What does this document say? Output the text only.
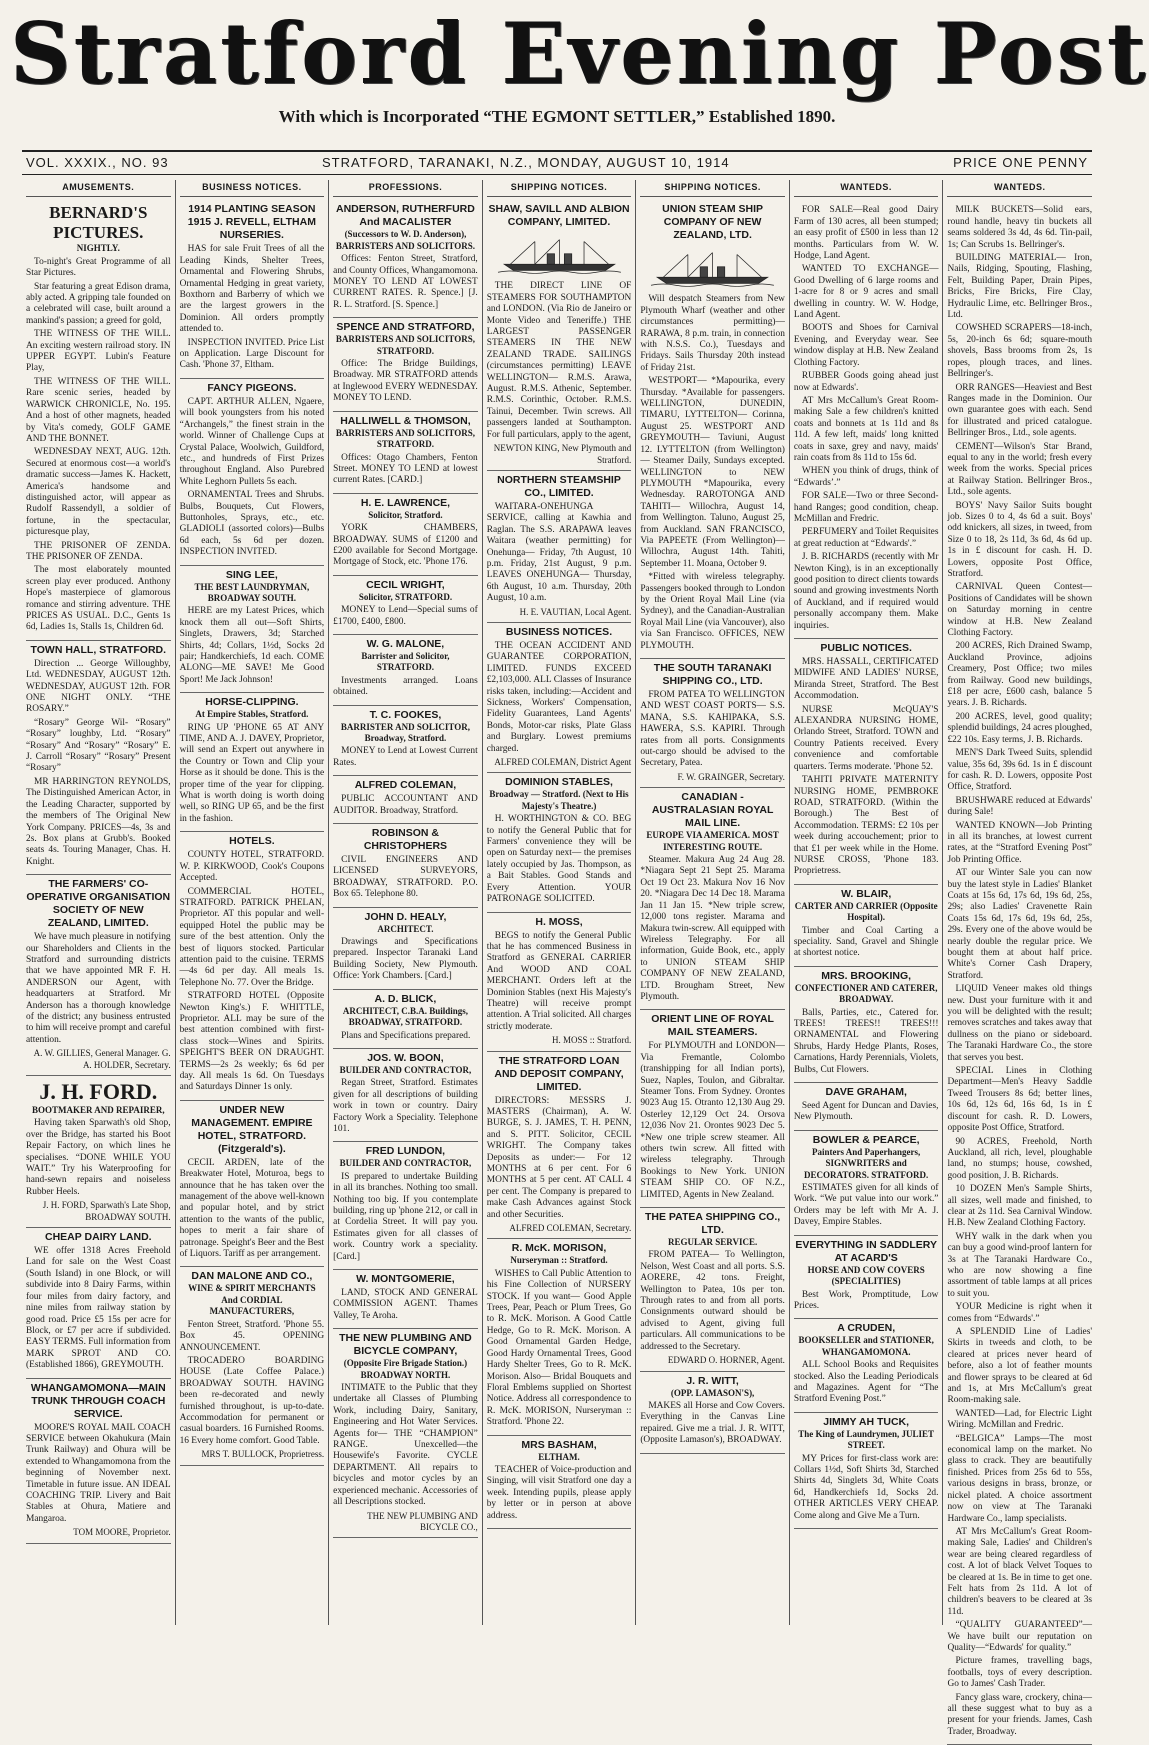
Stratford Evening Post
With which is Incorporated “THE EGMONT SETTLER,” Established 1890.
VOL. XXXIX., NO. 93	STRATFORD, TARANAKI, N.Z., MONDAY, AUGUST 10, 1914	PRICE ONE PENNY
AMUSEMENTS.
BERNARD'S PICTURES.
NIGHTLY.

To-night's Great Programme of all Star Pictures.

Star featuring a great Edison drama, ably acted. A gripping tale founded on a celebrated will case, built around a mankind's passion; a greed for gold,

THE WITNESS OF THE WILL. An exciting western railroad story. IN UPPER EGYPT. Lubin's Feature Play,

THE WITNESS OF THE WILL. Rare scenic series, headed by WARWICK CHRONICLE, No. 195. And a host of other magnets, headed by Vita's comedy, GOLF GAME AND THE BONNET.

WEDNESDAY NEXT, AUG. 12th. Secured at enormous cost—a world's dramatic success—James K. Hackett, America's handsome and distinguished actor, will appear as Rudolf Rassendyll, a soldier of fortune, in the spectacular, picturesque play,

THE PRISONER OF ZENDA. THE PRISONER OF ZENDA.

The most elaborately mounted screen play ever produced. Anthony Hope's masterpiece of glamorous romance and stirring adventure. THE PRICES AS USUAL. D.C., Gents 1s 6d, Ladies 1s, Stalls 1s, Children 6d.

TOWN HALL, STRATFORD.

Direction ... George Willoughby, Ltd. WEDNESDAY, AUGUST 12th. WEDNESDAY, AUGUST 12th. FOR ONE NIGHT ONLY. “THE ROSARY.”

“Rosary” George Wil- “Rosary” “Rosary” loughby, Ltd. “Rosary” “Rosary” And “Rosary” “Rosary” E. J. Carroll “Rosary” “Rosary” Present “Rosary”

MR HARRINGTON REYNOLDS, The Distinguished American Actor, in the Leading Character, supported by the members of The Original New York Company. PRICES—4s, 3s and 2s. Box plans at Grubb's. Booked seats 4s. Touring Manager, Chas. H. Knight.

THE FARMERS' CO-OPERATIVE ORGANISATION SOCIETY OF NEW ZEALAND, LIMITED.

We have much pleasure in notifying our Shareholders and Clients in the Stratford and surrounding districts that we have appointed MR F. H. ANDERSON our Agent, with headquarters at Stratford. Mr Anderson has a thorough knowledge of the district; any business entrusted to him will receive prompt and careful attention.

A. W. GILLIES, General Manager. G. A. HOLDER, Secretary.
J. H. FORD.
BOOTMAKER AND REPAIRER,

Having taken Sparwath's old Shop, over the Bridge, has started his Boot Repair Factory, on which lines he specialises. “DONE WHILE YOU WAIT.” Try his Waterproofing for hand-sewn repairs and noiseless Rubber Heels.

J. H. FORD, Sparwath's Late Shop, BROADWAY SOUTH.
CHEAP DAIRY LAND.

WE offer 1318 Acres Freehold Land for sale on the West Coast (South Island) in one Block, or will subdivide into 8 Dairy Farms, within four miles from dairy factory, and nine miles from railway station by good road. Price £5 15s per acre for Block, or £7 per acre if subdivided. EASY TERMS. Full information from MARK SPROT AND CO. (Established 1866), GREYMOUTH.

WHANGAMOMONA—MAIN TRUNK THROUGH COACH SERVICE.

MOORE'S ROYAL MAIL COACH SERVICE between Okahukura (Main Trunk Railway) and Ohura will be extended to Whangamomona from the beginning of November next. Timetable in future issue. AN IDEAL COACHING TRIP. Livery and Bait Stables at Ohura, Matiere and Mangaroa.

TOM MOORE, Proprietor.
BUSINESS NOTICES.
1914 PLANTING SEASON 1915 J. REVELL, ELTHAM NURSERIES.

HAS for sale Fruit Trees of all the Leading Kinds, Shelter Trees, Ornamental and Flowering Shrubs, Ornamental Hedging in great variety, Boxthorn and Barberry of which we are the largest growers in the Dominion. All orders promptly attended to.

INSPECTION INVITED. Price List on Application. Large Discount for Cash. 'Phone 37, Eltham.

FANCY PIGEONS.

CAPT. ARTHUR ALLEN, Ngaere, will book youngsters from his noted “Archangels,” the finest strain in the world. Winner of Challenge Cups at Crystal Palace, Woolwich, Guildford, etc., and hundreds of First Prizes throughout England. Also Purebred White Leghorn Pullets 5s each.

ORNAMENTAL Trees and Shrubs. Bulbs, Bouquets, Cut Flowers, Buttonholes, Sprays, etc., etc. GLADIOLI (assorted colors)—Bulbs 6d each, 5s 6d per dozen. INSPECTION INVITED.

SING LEE,
THE BEST LAUNDRYMAN, BROADWAY SOUTH.

HERE are my Latest Prices, which knock them all out—Soft Shirts, Singlets, Drawers, 3d; Starched Shirts, 4d; Collars, 1½d, Socks 2d pair; Handkerchiefs, 1d each. COME ALONG—ME SAVE! Me Good Sport! Me Jack Johnson!

HORSE-CLIPPING.
At Empire Stables, Stratford.

RING UP 'PHONE 65 AT ANY TIME, AND A. J. DAVEY, Proprietor, will send an Expert out anywhere in the Country or Town and Clip your Horse as it should be done. This is the proper time of the year for clipping. What is worth doing is worth doing well, so RING UP 65, and be the first in the fashion.

HOTELS.

COUNTY HOTEL, STRATFORD. W. P. KIRKWOOD, Cook's Coupons Accepted.

COMMERCIAL HOTEL, STRATFORD. PATRICK PHELAN, Proprietor. AT this popular and well-equipped Hotel the public may be sure of the best attention. Only the best of liquors stocked. Particular attention paid to the cuisine. TERMS—4s 6d per day. All meals 1s. Telephone No. 77. Over the Bridge.

STRATFORD HOTEL (Opposite Newton King's.) F. WHITTLE, Proprietor. ALL may be sure of the best attention combined with first-class stock—Wines and Spirits. SPEIGHT'S BEER ON DRAUGHT. TERMS—2s 2s weekly; 6s 6d per day. All meals 1s 6d. On Tuesdays and Saturdays Dinner 1s only.

UNDER NEW MANAGEMENT. EMPIRE HOTEL, STRATFORD. (Fitzgerald's).

CECIL ARDEN, late of the Breakwater Hotel, Moturoa, begs to announce that he has taken over the management of the above well-known and popular hotel, and by strict attention to the wants of the public, hopes to merit a fair share of patronage. Speight's Beer and the Best of Liquors. Tariff as per arrangement.

DAN MALONE AND CO.,
WINE & SPIRIT MERCHANTS And CORDIAL MANUFACTURERS,

Fenton Street, Stratford. 'Phone 55. Box 45. OPENING ANNOUNCEMENT.

TROCADERO BOARDING HOUSE (Late Coffee Palace.) BROADWAY SOUTH. HAVING been re-decorated and newly furnished throughout, is up-to-date. Accommodation for permanent or casual boarders. 16 Furnished Rooms. 16 Every home comfort. Good Table.

MRS T. BULLOCK, Proprietress.
PROFESSIONS.
ANDERSON, RUTHERFURD And MACALISTER
(Successors to W. D. Anderson), BARRISTERS AND SOLICITORS.

Offices: Fenton Street, Stratford, and County Offices, Whangamomona. MONEY TO LEND AT LOWEST CURRENT RATES. R. Spence.] [J. R. L. Stratford. [S. Spence.]

SPENCE AND STRATFORD,
BARRISTERS AND SOLICITORS, STRATFORD.

Office: The Bridge Buildings, Broadway. MR STRATFORD attends at Inglewood EVERY WEDNESDAY. MONEY TO LEND.

HALLIWELL & THOMSON,
BARRISTERS AND SOLICITORS, STRATFORD.

Offices: Otago Chambers, Fenton Street. MONEY TO LEND at lowest current Rates. [CARD.]

H. E. LAWRENCE,
Solicitor, Stratford.

YORK CHAMBERS, BROADWAY. SUMS of £1200 and £200 available for Second Mortgage. Mortgage of Stock, etc. 'Phone 176.

CECIL WRIGHT,
Solicitor, STRATFORD.

MONEY to Lend—Special sums of £1700, £400, £800.

W. G. MALONE,
Barrister and Solicitor, STRATFORD.

Investments arranged. Loans obtained.

T. C. FOOKES,
BARRISTER AND SOLICITOR, Broadway, Stratford.

MONEY to Lend at Lowest Current Rates.

ALFRED COLEMAN,

PUBLIC ACCOUNTANT AND AUDITOR. Broadway, Stratford.

ROBINSON & CHRISTOPHERS

CIVIL ENGINEERS AND LICENSED SURVEYORS, BROADWAY, STRATFORD. P.O. Box 65. Telephone 80.

JOHN D. HEALY,
ARCHITECT.

Drawings and Specifications prepared. Inspector Taranaki Land Building Society, New Plymouth. Office: York Chambers. [Card.]

A. D. BLICK,
ARCHITECT, C.B.A. Buildings, BROADWAY, STRATFORD.

Plans and Specifications prepared.

JOS. W. BOON,
BUILDER AND CONTRACTOR,

Regan Street, Stratford. Estimates given for all descriptions of building work in town or country. Dairy Factory Work a Speciality. Telephone 101.

FRED LUNDON,
BUILDER AND CONTRACTOR,

IS prepared to undertake Building in all its branches. Nothing too small. Nothing too big. If you contemplate building, ring up 'phone 212, or call in at Cordelia Street. It will pay you. Estimates given for all classes of work. Country work a speciality. [Card.]

W. MONTGOMERIE,

LAND, STOCK AND GENERAL COMMISSION AGENT. Thames Valley, Te Aroha.

THE NEW PLUMBING AND BICYCLE COMPANY,
(Opposite Fire Brigade Station.) BROADWAY NORTH.

INTIMATE to the Public that they undertake all Classes of Plumbing Work, including Dairy, Sanitary, Engineering and Hot Water Services. Agents for— THE “CHAMPION” RANGE. Unexcelled—the Housewife's Favorite. CYCLE DEPARTMENT. All repairs to bicycles and motor cycles by an experienced mechanic. Accessories of all Descriptions stocked.

THE NEW PLUMBING AND BICYCLE CO.,
SHIPPING NOTICES.
SHAW, SAVILL AND ALBION COMPANY, LIMITED.

THE DIRECT LINE OF STEAMERS FOR SOUTHAMPTON and LONDON. (Via Rio de Janeiro or Monte Video and Teneriffe.) THE LARGEST PASSENGER STEAMERS IN THE NEW ZEALAND TRADE. SAILINGS (circumstances permitting) LEAVE WELLINGTON— R.M.S. Arawa, August. R.M.S. Athenic, September. R.M.S. Corinthic, October. R.M.S. Tainui, December. Twin screws. All passengers landed at Southampton. For full particulars, apply to the agent,

NEWTON KING, New Plymouth and Stratford.
NORTHERN STEAMSHIP CO., LIMITED.

WAITARA-ONEHUNGA SERVICE, calling at Kawhia and Raglan. The S.S. ARAPAWA leaves Waitara (weather permitting) for Onehunga— Friday, 7th August, 10 p.m. Friday, 21st August, 9 p.m. LEAVES ONEHUNGA— Thursday, 6th August, 10 a.m. Thursday, 20th August, 10 a.m.

H. E. VAUTIAN, Local Agent.
BUSINESS NOTICES.

THE OCEAN ACCIDENT AND GUARANTEE CORPORATION, LIMITED. FUNDS EXCEED £2,103,000. ALL Classes of Insurance risks taken, including:—Accident and Sickness, Workers' Compensation, Fidelity Guarantees, Land Agents' Bonds, Motor-car risks, Plate Glass and Burglary. Lowest premiums charged.

ALFRED COLEMAN, District Agent
DOMINION STABLES,
Broadway — Stratford. (Next to His Majesty's Theatre.)

H. WORTHINGTON & CO. BEG to notify the General Public that for Farmers' convenience they will be open on Saturday next— the premises lately occupied by Jas. Thompson, as a Bait Stables. Good Stands and Every Attention. YOUR PATRONAGE SOLICITED.

H. MOSS,

BEGS to notify the General Public that he has commenced Business in Stratford as GENERAL CARRIER And WOOD AND COAL MERCHANT. Orders left at the Dominion Stables (next His Majesty's Theatre) will receive prompt attention. A Trial solicited. All charges strictly moderate.

H. MOSS :: Stratford.
THE STRATFORD LOAN AND DEPOSIT COMPANY, LIMITED.

DIRECTORS: MESSRS J. MASTERS (Chairman), A. W. BURGE, S. J. JAMES, T. H. PENN, and S. PITT. Solicitor, CECIL WRIGHT. The Company takes Deposits as under:— For 12 MONTHS at 6 per cent. For 6 MONTHS at 5 per cent. AT CALL 4 per cent. The Company is prepared to make Cash Advances against Stock and other Securities.

ALFRED COLEMAN, Secretary.
R. McK. MORISON,
Nurseryman :: Stratford.

WISHES to Call Public Attention to his Fine Collection of NURSERY STOCK. If you want— Good Apple Trees, Pear, Peach or Plum Trees, Go to R. McK. Morison. A Good Cattle Hedge, Go to R. McK. Morison. A Good Ornamental Garden Hedge, Good Hardy Ornamental Trees, Good Hardy Shelter Trees, Go to R. McK. Morison. Also— Bridal Bouquets and Floral Emblems supplied on Shortest Notice. Address all correspondence to R. McK. MORISON, Nurseryman :: Stratford. 'Phone 22.

MRS BASHAM,
ELTHAM.

TEACHER of Voice-production and Singing, will visit Stratford one day a week. Intending pupils, please apply by letter or in person at above address.

SHIPPING NOTICES.
UNION STEAM SHIP COMPANY OF NEW ZEALAND, LTD.

Will despatch Steamers from New Plymouth Wharf (weather and other circumstances permitting)— RARAWA, 8 p.m. train, in connection with N.S.S. Co.), Tuesdays and Fridays. Sails Thursday 20th instead of Friday 21st.

WESTPORT— *Mapourika, every Thursday. *Available for passengers. WELLINGTON, DUNEDIN, TIMARU, LYTTELTON— Corinna, August 25. WESTPORT AND GREYMOUTH— Taviuni, August 12. LYTTELTON (from Wellington)— Steamer Daily, Sundays excepted. WELLINGTON to NEW PLYMOUTH *Mapourika, every Wednesday. RAROTONGA AND TAHITI— Willochra, August 14, from Wellington. Taluno, August 25, from Auckland. SAN FRANCISCO, Via PAPEETE (From Wellington)— Willochra, August 14th. Tahiti, September 11. Moana, October 9.

*Fitted with wireless telegraphy. Passengers booked through to London by the Orient Royal Mail Line (via Sydney), and the Canadian-Australian Royal Mail Line (via Vancouver), also via San Francisco. OFFICES, NEW PLYMOUTH.

THE SOUTH TARANAKI SHIPPING CO., LTD.

FROM PATEA TO WELLINGTON AND WEST COAST PORTS— S.S. MANA, S.S. KAHIPAKA, S.S. HAWERA, S.S. KAPIRI. Through rates from all ports. Consignments out-cargo should be advised to the Secretary, Patea.

F. W. GRAINGER, Secretary.
CANADIAN - AUSTRALASIAN ROYAL MAIL LINE.
EUROPE VIA AMERICA. MOST INTERESTING ROUTE.

Steamer. Makura Aug 24 Aug 28. *Niagara Sept 21 Sept 25. Marama Oct 19 Oct 23. Makura Nov 16 Nov 20. *Niagara Dec 14 Dec 18. Marama Jan 11 Jan 15. *New triple screw, 12,000 tons register. Marama and Makura twin-screw. All equipped with Wireless Telegraphy. For all information, Guide Book, etc., apply to UNION STEAM SHIP COMPANY OF NEW ZEALAND, LTD. Brougham Street, New Plymouth.

ORIENT LINE OF ROYAL MAIL STEAMERS.

For PLYMOUTH and LONDON— Via Fremantle, Colombo (transhipping for all Indian ports), Suez, Naples, Toulon, and Gibraltar. Steamer Tons. From Sydney. Orontes 9023 Aug 15. Otranto 12,130 Aug 29. Osterley 12,129 Oct 24. Orsova 12,036 Nov 21. Orontes 9023 Dec 5. *New one triple screw steamer. All others twin screw. All fitted with wireless telegraphy. Through Bookings to New York. UNION STEAM SHIP CO. OF N.Z., LIMITED, Agents in New Zealand.

THE PATEA SHIPPING CO., LTD.
REGULAR SERVICE.

FROM PATEA— To Wellington, Nelson, West Coast and all ports. S.S. AORERE, 42 tons. Freight, Wellington to Patea, 10s per ton. Through rates to and from all ports. Consignments outward should be advised to Agent, giving full particulars. All communications to be addressed to the Secretary.

EDWARD O. HORNER, Agent.
J. R. WITT,
(OPP. LAMASON'S),

MAKES all Horse and Cow Covers. Everything in the Canvas Line repaired. Give me a trial. J. R. WITT, (Opposite Lamason's), BROADWAY.

WANTEDS.

FOR SALE—Real good Dairy Farm of 130 acres, all been stumped; an easy profit of £500 in less than 12 months. Particulars from W. W. Hodge, Land Agent.

WANTED TO EXCHANGE—Good Dwelling of 6 large rooms and 1-acre for 8 or 9 acres and small dwelling in country. W. W. Hodge, Land Agent.

BOOTS and Shoes for Carnival Evening, and Everyday wear. See window display at H.B. New Zealand Clothing Factory.

RUBBER Goods going ahead just now at Edwards'.

AT Mrs McCallum's Great Room-making Sale a few children's knitted coats and bonnets at 1s 11d and 8s 11d. A few left, maids' long knitted coats in saxe, grey and navy, maids' rain coats from 8s 11d to 15s 6d.

WHEN you think of drugs, think of “Edwards’.”

FOR SALE—Two or three Second-hand Ranges; good condition, cheap. McMillan and Fredric.

PERFUMERY and Toilet Requisites at great reduction at “Edwards'.”

J. B. RICHARDS (recently with Mr Newton King), is in an exceptionally good position to direct clients towards sound and growing investments North of Auckland, and if required would personally accompany them. Make inquiries.

PUBLIC NOTICES.

MRS. HASSALL, CERTIFICATED MIDWIFE AND LADIES' NURSE, Miranda Street, Stratford. The Best Accommodation.

NURSE McQUAY'S ALEXANDRA NURSING HOME, Orlando Street, Stratford. TOWN and Country Patients received. Every convenience and comfortable quarters. Terms moderate. 'Phone 52.

TAHITI PRIVATE MATERNITY NURSING HOME, PEMBROKE ROAD, STRATFORD. (Within the Borough.) The Best of Accommodation. TERMS: £2 10s per week during accouchement; prior to that £1 per week while in the Home. NURSE CROSS, 'Phone 183. Proprietress.

W. BLAIR,
CARTER AND CARRIER (Opposite Hospital).

Timber and Coal Carting a speciality. Sand, Gravel and Shingle at shortest notice.

MRS. BROOKING,
CONFECTIONER AND CATERER, BROADWAY.

Balls, Parties, etc., Catered for. TREES! TREES!! TREES!!! ORNAMENTAL and Flowering Shrubs, Hardy Hedge Plants, Roses, Carnations, Hardy Perennials, Violets, Bulbs, Cut Flowers.

DAVE GRAHAM,

Seed Agent for Duncan and Davies, New Plymouth.

BOWLER & PEARCE,
Painters And Paperhangers, SIGNWRITERS and DECORATORS. STRATFORD.

ESTIMATES given for all kinds of Work. “We put value into our work.” Orders may be left with Mr A. J. Davey, Empire Stables.

EVERYTHING IN SADDLERY AT ACARD'S
HORSE AND COW COVERS (SPECIALITIES)

Best Work, Promptitude, Low Prices.

A CRUDEN,
BOOKSELLER and STATIONER, WHANGAMOMONA.

ALL School Books and Requisites stocked. Also the Leading Periodicals and Magazines. Agent for “The Stratford Evening Post.”

JIMMY AH TUCK,
The King of Laundrymen, JULIET STREET.

MY Prices for first-class work are: Collars 1½d, Soft Shirts 3d, Starched Shirts 4d, Singlets 3d, White Coats 6d, Handkerchiefs 1d, Socks 2d. OTHER ARTICLES VERY CHEAP. Come along and Give Me a Turn.

WANTEDS.

MILK BUCKETS—Solid ears, round handle, heavy tin buckets all seams soldered 3s 4d, 4s 6d. Tin-pail, 1s; Can Scrubs 1s. Bellringer's.

BUILDING MATERIAL— Iron, Nails, Ridging, Spouting, Flashing, Felt, Building Paper, Drain Pipes, Bricks, Fire Bricks, Fire Clay, Hydraulic Lime, etc. Bellringer Bros., Ltd.

COWSHED SCRAPERS—18-inch, 5s, 20-inch 6s 6d; square-mouth shovels, Bass brooms from 2s, 1s ropes, plough traces, and lines. Bellringer's.

ORR RANGES—Heaviest and Best Ranges made in the Dominion. Our own guarantee goes with each. Send for illustrated and priced catalogue. Bellringer Bros., Ltd., sole agents.

CEMENT—Wilson's Star Brand, equal to any in the world; fresh every week from the works. Special prices at Railway Station. Bellringer Bros., Ltd., sole agents.

BOYS' Navy Sailor Suits bought job. Sizes 0 to 4, 4s 6d a suit. Boys' odd knickers, all sizes, in tweed, from Size 0 to 18, 2s 11d, 3s 6d, 4s 6d up. 1s in £ discount for cash. H. D. Lowers, opposite Post Office, Stratford.

CARNIVAL Queen Contest—Positions of Candidates will be shown on Saturday morning in centre window at H.B. New Zealand Clothing Factory.

200 ACRES, Rich Drained Swamp, Auckland Province, adjoins Creamery, Post Office; two miles from Railway. Good new buildings, £18 per acre, £600 cash, balance 5 years. J. B. Richards.

200 ACRES, level, good quality; splendid buildings, 24 acres ploughed, £22 10s. Easy terms, J. B. Richards.

MEN'S Dark Tweed Suits, splendid value, 35s 6d, 39s 6d. 1s in £ discount for cash. R. D. Lowers, opposite Post Office, Stratford.

BRUSHWARE reduced at Edwards' during Sale!

WANTED KNOWN—Job Printing in all its branches, at lowest current rates, at the “Stratford Evening Post” Job Printing Office.

AT our Winter Sale you can now buy the latest style in Ladies' Blanket Coats at 15s 6d, 17s 6d, 19s 6d, 25s, 29s; also Ladies' Cravenette Rain Coats 15s 6d, 17s 6d, 19s 6d, 25s, 29s. Every one of the above would be nearly double the regular price. We bought them at about half price. White's Corner Cash Drapery, Stratford.

LIQUID Veneer makes old things new. Dust your furniture with it and you will be delighted with the result; removes scratches and takes away that dullness on the piano or sideboard. The Taranaki Hardware Co., the store that serves you best.

SPECIAL Lines in Clothing Department—Men's Heavy Saddle Tweed Trousers 8s 6d; better lines, 10s 6d, 12s 6d, 16s 6d, 1s in £ discount for cash. R. D. Lowers, opposite Post Office, Stratford.

90 ACRES, Freehold, North Auckland, all rich, level, ploughable land, no stumps; house, cowshed, good position, J. B. Richards.

10 DOZEN Men's Sample Shirts, all sizes, well made and finished, to clear at 2s 11d. Sea Carnival Window. H.B. New Zealand Clothing Factory.

WHY walk in the dark when you can buy a good wind-proof lantern for 3s at The Taranaki Hardware Co., who are now showing a fine assortment of table lamps at all prices to suit you.

YOUR Medicine is right when it comes from “Edwards'.”

A SPLENDID Line of Ladies' Skirts in tweeds and cloth, to be cleared at prices never heard of before, also a lot of feather mounts and flower sprays to be cleared at 6d and 1s, at Mrs McCallum's great Room-making sale.

WANTED—Lad, for Electric Light Wiring. McMillan and Fredric.

“BELGICA” Lamps—The most economical lamp on the market. No glass to crack. They are beautifully finished. Prices from 25s 6d to 55s, various designs in brass, bronze, or nickel plated. A choice assortment now on view at The Taranaki Hardware Co., lamp specialists.

AT Mrs McCallum's Great Room-making Sale, Ladies' and Children's wear are being cleared regardless of cost. A lot of black Velvet Toques to be cleared at 1s. Be in time to get one. Felt hats from 2s 11d. A lot of children's beavers to be cleared at 3s 11d.

“QUALITY GUARANTEED”—We have built our reputation on Quality—“Edwards' for quality.”

Picture frames, travelling bags, footballs, toys of every description. Go to James' Cash Trader.

Fancy glass ware, crockery, china—all these suggest what to buy as a present for your friends. James, Cash Trader, Broadway.
